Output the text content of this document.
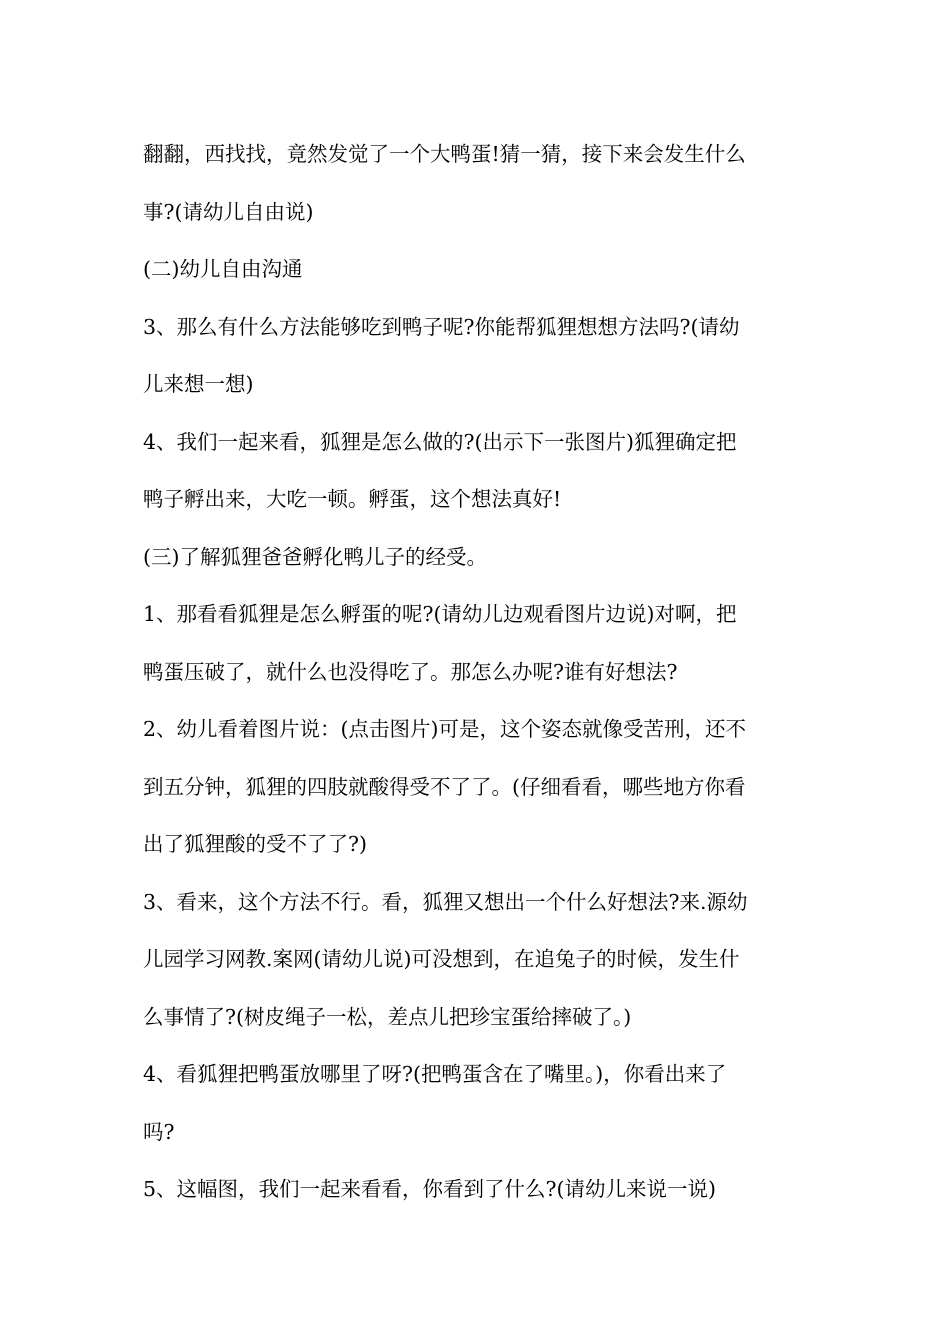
翻翻，西找找，竟然发觉了一个大鸭蛋!猜一猜，接下来会发生什么
事?(请幼儿自由说)
(二)幼儿自由沟通
3、那么有什么方法能够吃到鸭子呢?你能帮狐狸想想方法吗?(请幼
儿来想一想)
4、我们一起来看，狐狸是怎么做的?(出示下一张图片)狐狸确定把
鸭子孵出来，大吃一顿。孵蛋，这个想法真好!
(三)了解狐狸爸爸孵化鸭儿子的经受。
1、那看看狐狸是怎么孵蛋的呢?(请幼儿边观看图片边说)对啊，把
鸭蛋压破了，就什么也没得吃了。那怎么办呢?谁有好想法?
2、幼儿看着图片说：(点击图片)可是，这个姿态就像受苦刑，还不
到五分钟，狐狸的四肢就酸得受不了了。(仔细看看，哪些地方你看
出了狐狸酸的受不了了?)
3、看来，这个方法不行。看，狐狸又想出一个什么好想法?来.源幼
儿园学习网教.案网(请幼儿说)可没想到，在追兔子的时候，发生什
么事情了?(树皮绳子一松，差点儿把珍宝蛋给摔破了。)
4、看狐狸把鸭蛋放哪里了呀?(把鸭蛋含在了嘴里。)，你看出来了
吗?
5、这幅图，我们一起来看看，你看到了什么?(请幼儿来说一说)
